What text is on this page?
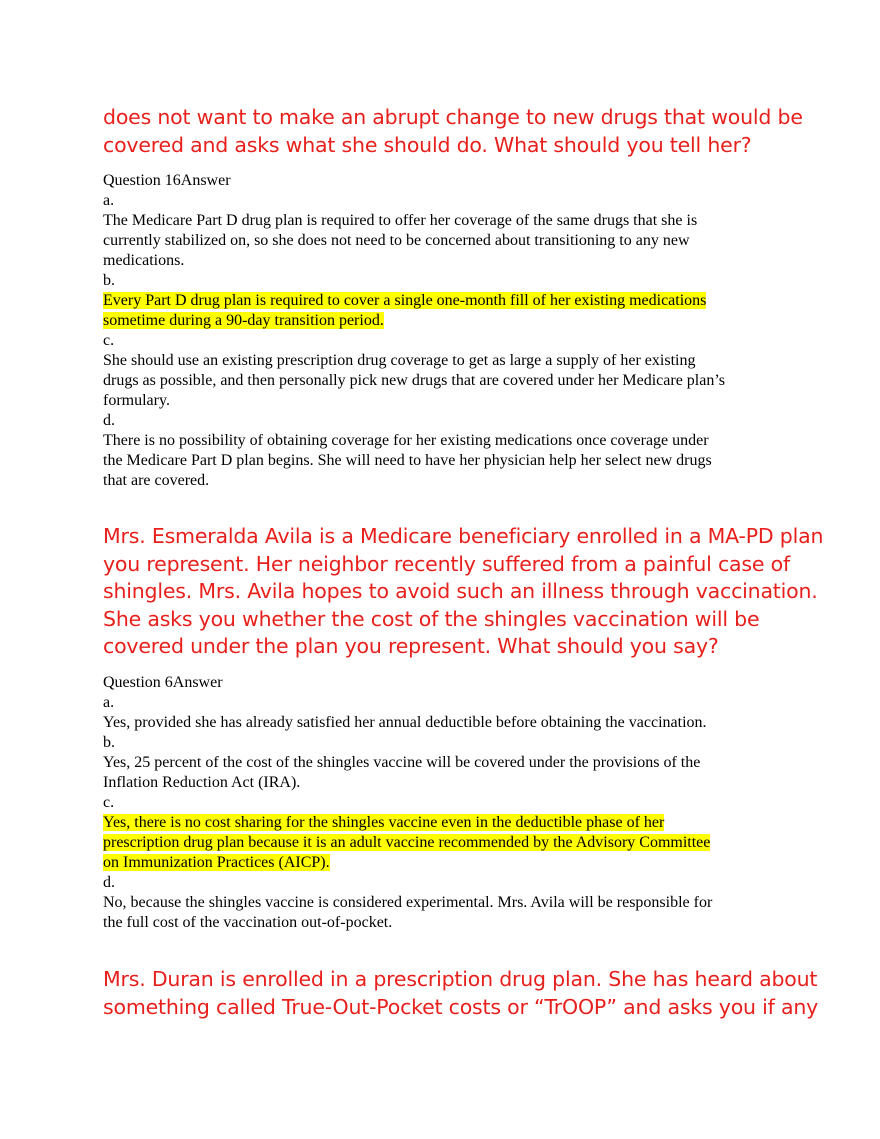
does not want to make an abrupt change to new drugs that would be
covered and asks what she should do. What should you tell her?
Question 16Answer
a.
The Medicare Part D drug plan is required to offer her coverage of the same drugs that she is
currently stabilized on, so she does not need to be concerned about transitioning to any new
medications.
b.
Every Part D drug plan is required to cover a single one-month fill of her existing medications
sometime during a 90-day transition period.
c.
She should use an existing prescription drug coverage to get as large a supply of her existing
drugs as possible, and then personally pick new drugs that are covered under her Medicare plan’s
formulary.
d.
There is no possibility of obtaining coverage for her existing medications once coverage under
the Medicare Part D plan begins. She will need to have her physician help her select new drugs
that are covered.
Mrs. Esmeralda Avila is a Medicare beneficiary enrolled in a MA-PD plan
you represent. Her neighbor recently suffered from a painful case of
shingles. Mrs. Avila hopes to avoid such an illness through vaccination.
She asks you whether the cost of the shingles vaccination will be
covered under the plan you represent. What should you say?
Question 6Answer
a.
Yes, provided she has already satisfied her annual deductible before obtaining the vaccination.
b.
Yes, 25 percent of the cost of the shingles vaccine will be covered under the provisions of the
Inflation Reduction Act (IRA).
c.
Yes, there is no cost sharing for the shingles vaccine even in the deductible phase of her
prescription drug plan because it is an adult vaccine recommended by the Advisory Committee
on Immunization Practices (AICP).
d.
No, because the shingles vaccine is considered experimental. Mrs. Avila will be responsible for
the full cost of the vaccination out-of-pocket.
Mrs. Duran is enrolled in a prescription drug plan. She has heard about
something called True-Out-Pocket costs or “TrOOP” and asks you if any
